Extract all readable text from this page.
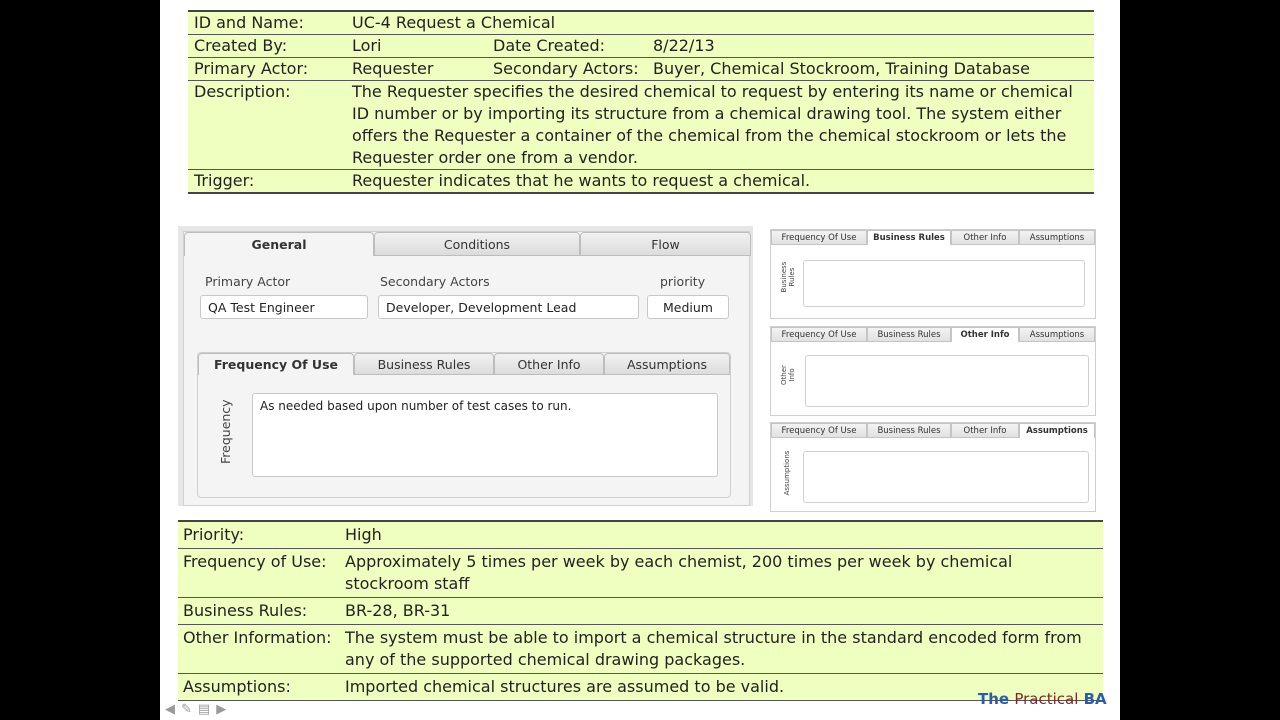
ID and Name:	UC-4 Request a Chemical
Created By:	Lori	Date Created:	8/22/13
Primary Actor:	Requester	Secondary Actors: Buyer, Chemical Stockroom, Training Database
Description:	The Requester specifies the desired chemical to request by entering its name or chemical ID number or by importing its structure from a chemical drawing tool. The system either offers the Requester a container of the chemical from the chemical stockroom or lets the Requester order one from a vendor.
Trigger:	Requester indicates that he wants to request a chemical.
General	Conditions	Flow
Primary Actor
QA Test Engineer
Secondary Actors
Developer, Development Lead
priority
Medium
Frequency Of Use	Business Rules	Other Info	Assumptions
Frequency	As needed based upon number of test cases to run.
Frequency Of Use	Business Rules	Other Info	Assumptions
Business
Rules
Frequency Of Use	Business Rules	Other Info	Assumptions
Other
Info
Frequency Of Use	Business Rules	Other Info	Assumptions
Assumptions
Priority:	High
Frequency of Use:	Approximately 5 times per week by each chemist, 200 times per week by chemical stockroom staff
Business Rules:	BR-28, BR-31
Other Information: The system must be able to import a chemical structure in the standard encoded form from any of the supported chemical drawing packages.
Assumptions:	Imported chemical structures are assumed to be valid.
The Practical BA
◀ ✎ ▤ ▶
